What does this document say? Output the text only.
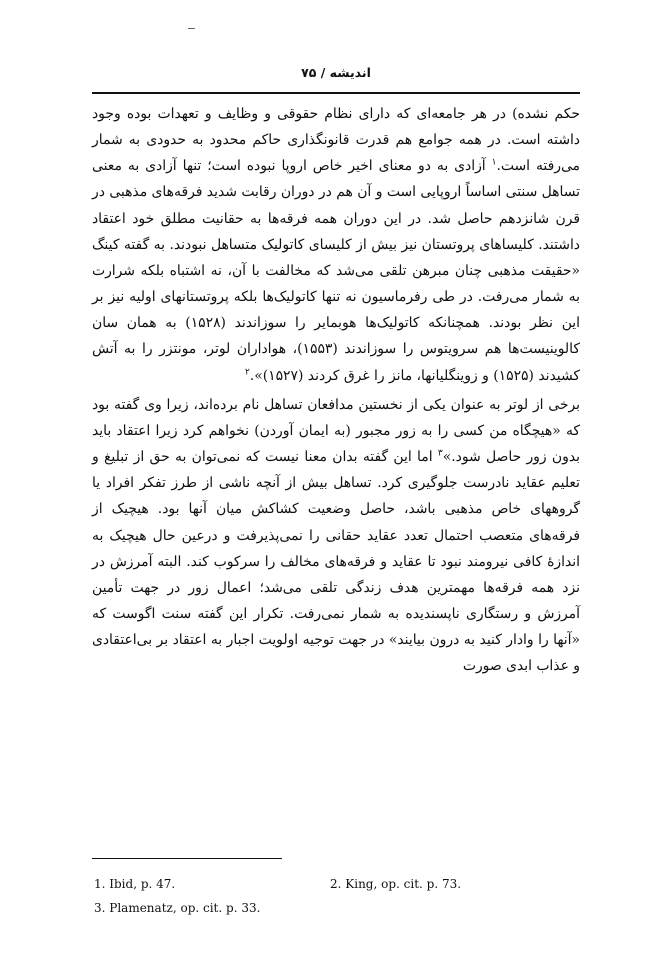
اندیشه / ۷۵

حکم نشده) در هر جامعه‌ای که دارای نظام حقوقی و وظایف و تعهدات بوده وجود داشته است. در همه جوامع هم قدرت قانونگذاری حاکم محدود به حدودی به شمار می‌رفته است.$^۱$ آزادی به دو معنای اخیر خاص اروپا نبوده است؛ تنها آزادی به معنی تساهل سنتی اساساً اروپایی است و آن هم در دوران رقابت شدید فرقه‌های مذهبی در قرن شانزدهم حاصل شد. در این دوران همه فرقه‌ها به حقانیت مطلق خود اعتقاد داشتند. کلیساهای پروتستان نیز بیش از کلیسای کاتولیک متساهل نبودند. به گفته کینگ «حقیقت مذهبی چنان مبرهن تلقی می‌شد که مخالفت با آن، نه اشتباه بلکه شرارت به شمار می‌رفت. در طی رفرماسیون نه تنها کاتولیک‌ها بلکه پروتستانهای اولیه نیز بر این نظر بودند. همچنانکه کاتولیک‌ها هوبمایر را سوزاندند (۱۵۲۸) به همان سان کالوینیست‌ها هم سرویتوس را سوزاندند (۱۵۵۳)، هواداران لوتر، مونتزر را به آتش کشیدند (۱۵۲۵) و زوینگلیانها، مانز را غرق کردند (۱۵۲۷)».$^۲$

برخی از لوتر به عنوان یکی از نخستین مدافعان تساهل نام برده‌اند، زیرا وی گفته بود که «هیچگاه من کسی را به زور مجبور (به ایمان آوردن) نخواهم کرد زیرا اعتقاد باید بدون زور حاصل شود.»$^۳$ اما این گفته بدان معنا نیست که نمی‌توان به حق از تبلیغ و تعلیم عقاید نادرست جلوگیری کرد. تساهل بیش از آنچه ناشی از طرز تفکر افراد یا گروههای خاص مذهبی باشد، حاصل وضعیت کشاکش میان آنها بود. هیچیک از فرقه‌های متعصب احتمال تعدد عقاید حقانی را نمی‌پذیرفت و درعین حال هیچیک به اندازهٔ کافی نیرومند نبود تا عقاید و فرقه‌های مخالف را سرکوب کند. البته آمرزش در نزد همه فرقه‌ها مهمترین هدف زندگی تلقی می‌شد؛ اعمال زور در جهت تأمین آمرزش و رستگاری ناپسندیده به شمار نمی‌رفت. تکرار این گفته سنت اگوست که «آنها را وادار کنید به درون بیایند» در جهت توجیه اولویت اجبار به اعتقاد بر بی‌اعتقادی و عذاب ابدی صورت

1. Ibid, p. 47.	2. King, op. cit. p. 73.
3. Plamenatz, op. cit. p. 33.
